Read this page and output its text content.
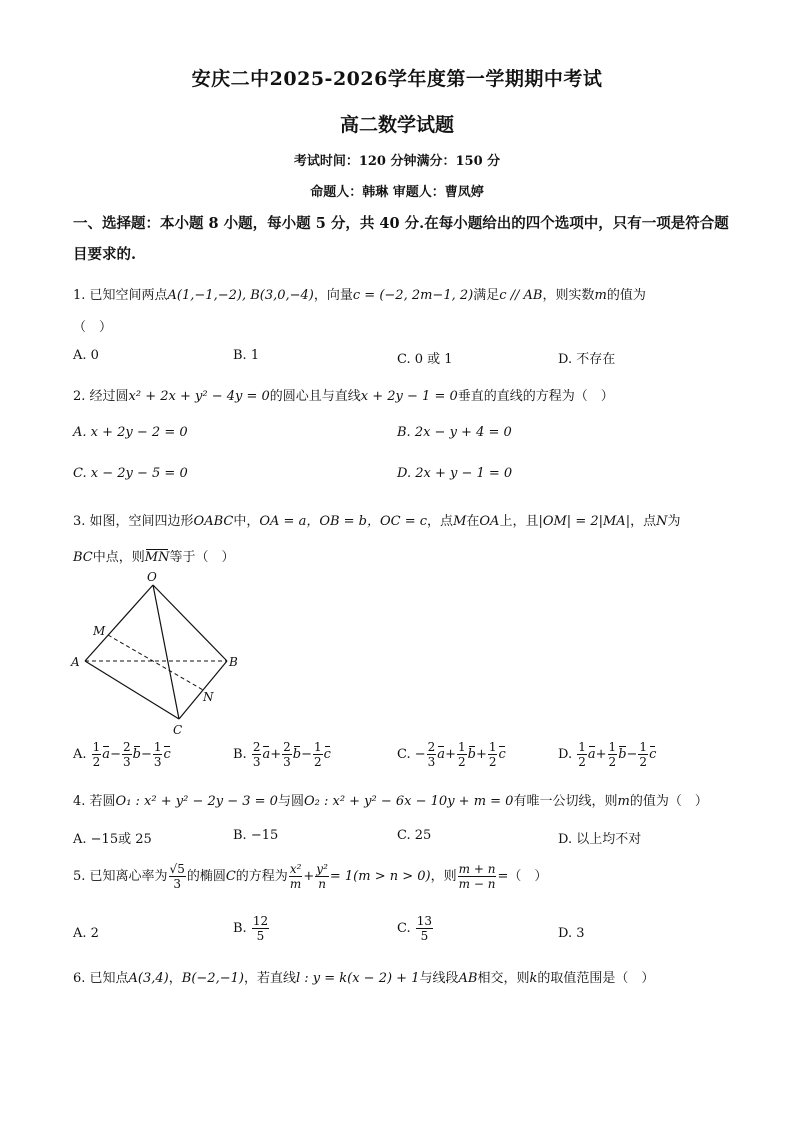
安庆二中2025-2026学年度第一学期期中考试
高二数学试题
考试时间：120 分钟满分：150 分
命题人：韩琳 审题人：曹凤婷
一、选择题：本小题 8 小题，每小题 5 分，共 40 分.在每小题给出的四个选项中，只有一项是符合题目要求的.
1. 已知空间两点A(1,−1,−2), B(3,0,−4)，向量c = (−2, 2m−1, 2)满足c // AB，则实数m的值为
（　）
A. 0	B. 1	C. 0 或 1	D. 不存在
2. 经过圆x² + 2x + y² − 4y = 0的圆心且与直线x + 2y − 1 = 0垂直的直线的方程为（　）
A. x + 2y − 2 = 0	B. 2x − y + 4 = 0
C. x − 2y − 5 = 0	D. 2x + y − 1 = 0
3. 如图，空间四边形OABC中，OA = a，OB = b，OC = c，点M在OA上，且|OM| = 2|MA|，点N为
BC中点，则MN等于（　）
O
M
A	B
N
C
A. $\frac{1}{2} a- \frac{2}{3} b- \frac{1}{3}$ c	B. $\frac{2}{3} a+ \frac{2}{3} b- \frac{1}{2}$ c	C. − $\frac{2}{3} a+ \frac{1}{2} b+ \frac{1}{2}$ c	D. $\frac{1}{2} a+ \frac{1}{2} b- \frac{1}{2}$ c
4. 若圆O₁ : x² + y² − 2y − 3 = 0与圆O₂ : x² + y² − 6x − 10y + m = 0有唯一公切线，则m的值为（　）
A. −15或 25	B. −15	C. 25	D. 以上均不对
5. 已知离心率为 $\frac{√5}{3}$ 的椭圆C的方程为 $\frac{\text{x²}}{m} + \frac{\text{y²}}{n} = 1(m > n > 0)$，则 $\frac{m + n}{m - n}$ =（　）
A. 2	B. $\frac{12}{5}$	C. $\frac{13}{5}$	D. 3
6. 已知点A(3,4)，B(−2,−1)，若直线l : y = k(x − 2) + 1与线段AB相交，则k的取值范围是（　）
